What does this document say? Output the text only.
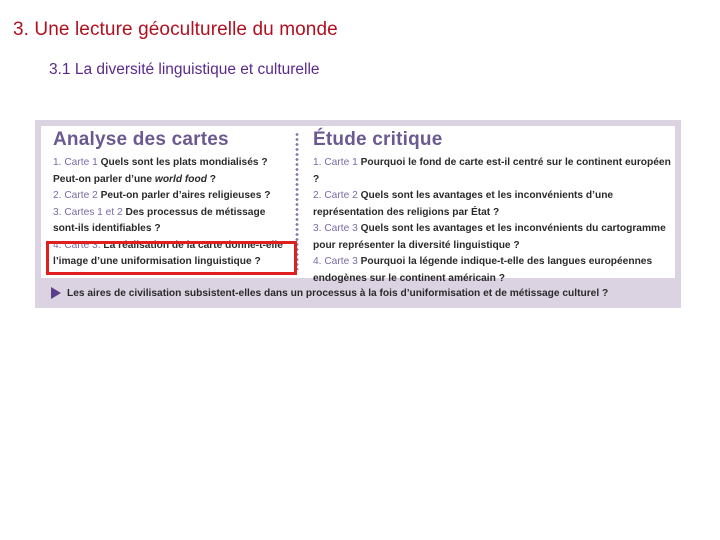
3. Une lecture géoculturelle du monde
3.1 La diversité linguistique et culturelle
Analyse des cartes
1. Carte 1 Quels sont les plats mondialisés ?
Peut-on parler d’une world food ?
2. Carte 2 Peut-on parler d’aires religieuses ?
3. Cartes 1 et 2 Des processus de métissage
sont-ils identifiables ?
4. Carte 3. La réalisation de la carte donne-t-elle
l’image d’une uniformisation linguistique ?
Étude critique
1. Carte 1 Pourquoi le fond de carte est-il centré sur le continent européen ?
2. Carte 2 Quels sont les avantages et les inconvénients d’une
représentation des religions par État ?
3. Carte 3 Quels sont les avantages et les inconvénients du cartogramme
pour représenter la diversité linguistique ?
4. Carte 3 Pourquoi la légende indique-t-elle des langues européennes
endogènes sur le continent américain ?
Les aires de civilisation subsistent-elles dans un processus à la fois d’uniformisation et de métissage culturel ?
